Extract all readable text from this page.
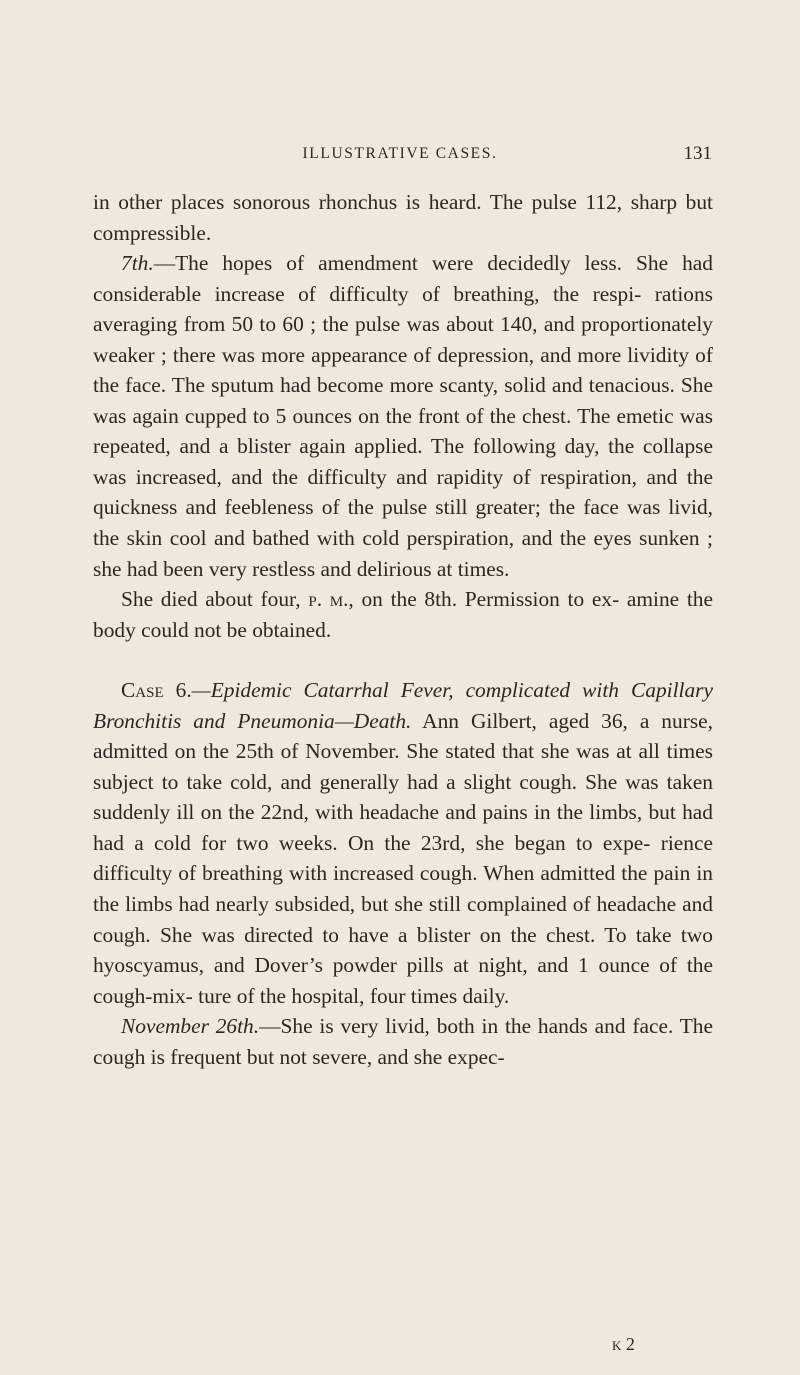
ILLUSTRATIVE CASES.	131

in other places sonorous rhonchus is heard. The pulse 112, sharp but compressible.

7th.—The hopes of amendment were decidedly less. She had considerable increase of difficulty of breathing, the respi- rations averaging from 50 to 60 ; the pulse was about 140, and proportionately weaker ; there was more appearance of depression, and more lividity of the face. The sputum had become more scanty, solid and tenacious. She was again cupped to 5 ounces on the front of the chest. The emetic was repeated, and a blister again applied. The following day, the collapse was increased, and the difficulty and rapidity of respiration, and the quickness and feebleness of the pulse still greater; the face was livid, the skin cool and bathed with cold perspiration, and the eyes sunken ; she had been very restless and delirious at times.

She died about four, p. m., on the 8th. Permission to ex- amine the body could not be obtained.

Case 6.—Epidemic Catarrhal Fever, complicated with Capillary Bronchitis and Pneumonia—Death. Ann Gilbert, aged 36, a nurse, admitted on the 25th of November. She stated that she was at all times subject to take cold, and generally had a slight cough. She was taken suddenly ill on the 22nd, with headache and pains in the limbs, but had had a cold for two weeks. On the 23rd, she began to expe- rience difficulty of breathing with increased cough. When admitted the pain in the limbs had nearly subsided, but she still complained of headache and cough. She was directed to have a blister on the chest. To take two hyoscyamus, and Dover’s powder pills at night, and 1 ounce of the cough-mix- ture of the hospital, four times daily.

November 26th.—She is very livid, both in the hands and face. The cough is frequent but not severe, and she expec-

k 2
